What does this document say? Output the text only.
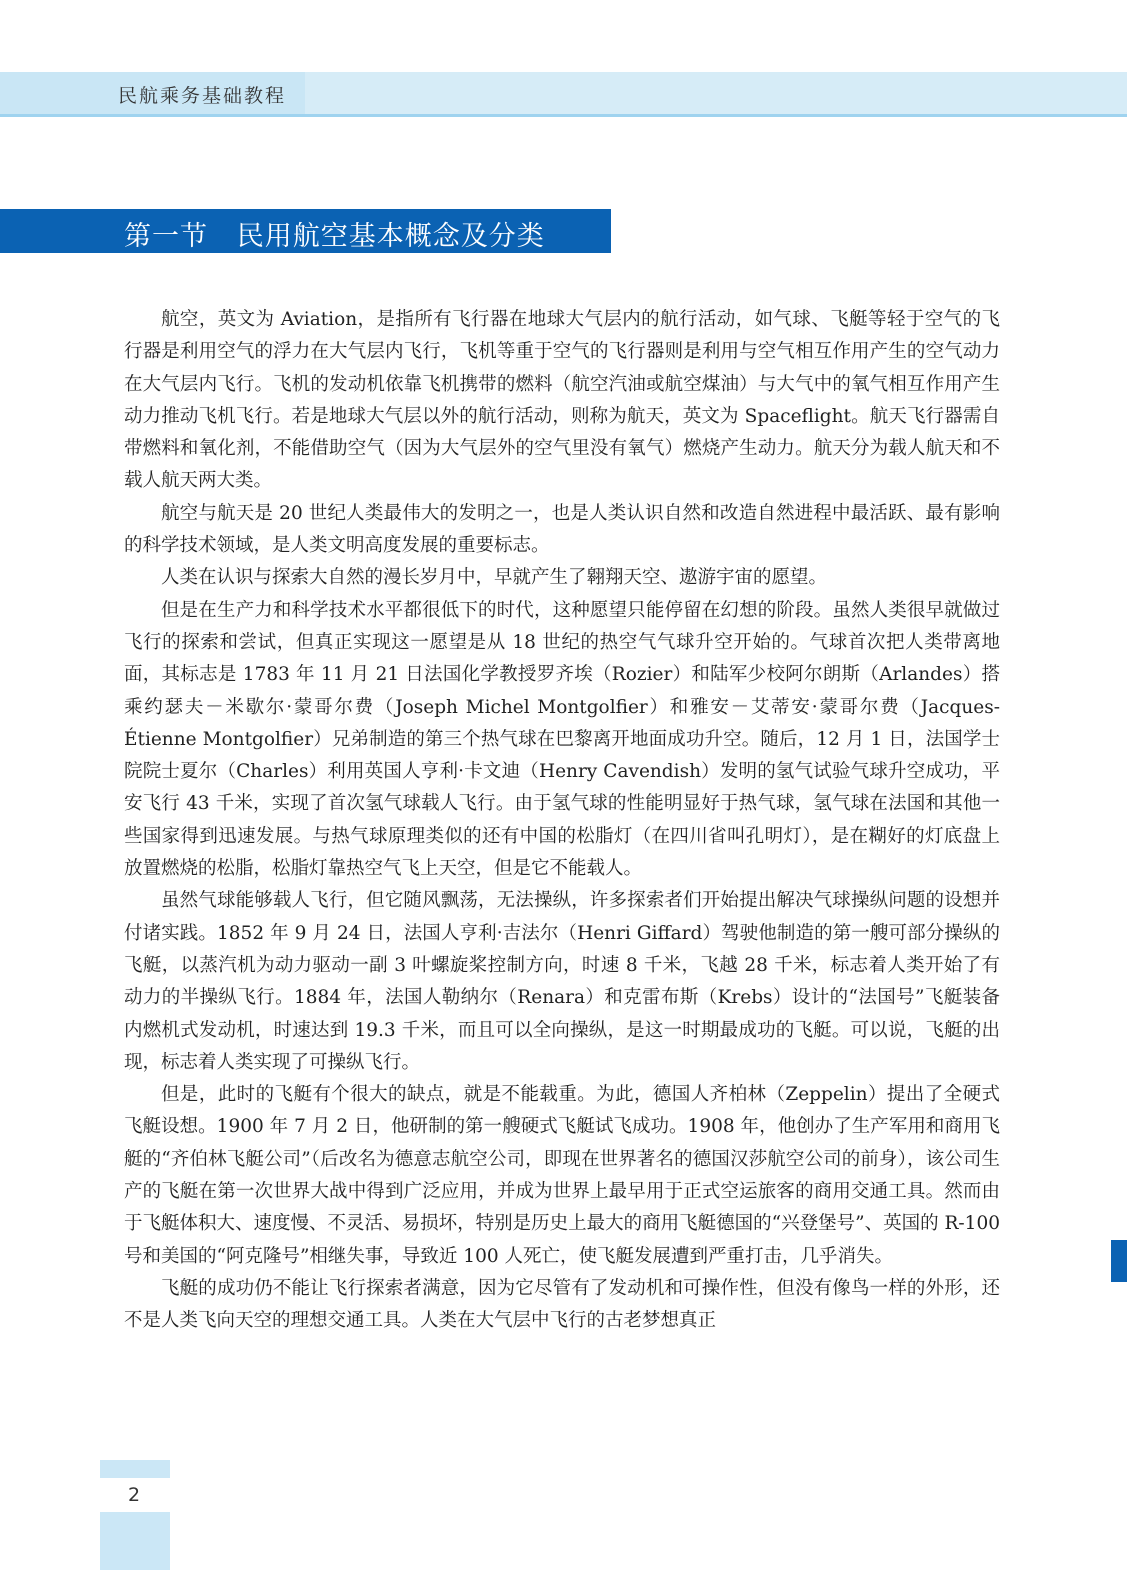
民航乘务基础教程
第一节   民用航空基本概念及分类

航空，英文为 Aviation，是指所有飞行器在地球大气层内的航行活动，如气球、飞艇等轻于空气的飞行器是利用空气的浮力在大气层内飞行，飞机等重于空气的飞行器则是利用与空气相互作用产生的空气动力在大气层内飞行。飞机的发动机依靠飞机携带的燃料（航空汽油或航空煤油）与大气中的氧气相互作用产生动力推动飞机飞行。若是地球大气层以外的航行活动，则称为航天，英文为 Spaceflight。航天飞行器需自带燃料和氧化剂，不能借助空气（因为大气层外的空气里没有氧气）燃烧产生动力。航天分为载人航天和不载人航天两大类。

航空与航天是 20 世纪人类最伟大的发明之一，也是人类认识自然和改造自然进程中最活跃、最有影响的科学技术领域，是人类文明高度发展的重要标志。

人类在认识与探索大自然的漫长岁月中，早就产生了翱翔天空、遨游宇宙的愿望。

但是在生产力和科学技术水平都很低下的时代，这种愿望只能停留在幻想的阶段。虽然人类很早就做过飞行的探索和尝试，但真正实现这一愿望是从 18 世纪的热空气气球升空开始的。气球首次把人类带离地面，其标志是 1783 年 11 月 21 日法国化学教授罗齐埃（Rozier）和陆军少校阿尔朗斯（Arlandes）搭乘约瑟夫－米歇尔·蒙哥尔费（Joseph Michel Montgolfier）和雅安－艾蒂安·蒙哥尔费（Jacques-Étienne Montgolfier）兄弟制造的第三个热气球在巴黎离开地面成功升空。随后，12 月 1 日，法国学士院院士夏尔（Charles）利用英国人亨利·卡文迪（Henry Cavendish）发明的氢气试验气球升空成功，平安飞行 43 千米，实现了首次氢气球载人飞行。由于氢气球的性能明显好于热气球，氢气球在法国和其他一些国家得到迅速发展。与热气球原理类似的还有中国的松脂灯（在四川省叫孔明灯），是在糊好的灯底盘上放置燃烧的松脂，松脂灯靠热空气飞上天空，但是它不能载人。

虽然气球能够载人飞行，但它随风飘荡，无法操纵，许多探索者们开始提出解决气球操纵问题的设想并付诸实践。1852 年 9 月 24 日，法国人亨利·吉法尔（Henri Giffard）驾驶他制造的第一艘可部分操纵的飞艇，以蒸汽机为动力驱动一副 3 叶螺旋桨控制方向，时速 8 千米，飞越 28 千米，标志着人类开始了有动力的半操纵飞行。1884 年，法国人勒纳尔（Renara）和克雷布斯（Krebs）设计的“法国号”飞艇装备内燃机式发动机，时速达到 19.3 千米，而且可以全向操纵，是这一时期最成功的飞艇。可以说，飞艇的出现，标志着人类实现了可操纵飞行。

但是，此时的飞艇有个很大的缺点，就是不能载重。为此，德国人齐柏林（Zeppelin）提出了全硬式飞艇设想。1900 年 7 月 2 日，他研制的第一艘硬式飞艇试飞成功。1908 年，他创办了生产军用和商用飞艇的“齐伯林飞艇公司”（后改名为德意志航空公司，即现在世界著名的德国汉莎航空公司的前身），该公司生产的飞艇在第一次世界大战中得到广泛应用，并成为世界上最早用于正式空运旅客的商用交通工具。然而由于飞艇体积大、速度慢、不灵活、易损坏，特别是历史上最大的商用飞艇德国的“兴登堡号”、英国的 R-100 号和美国的“阿克隆号”相继失事，导致近 100 人死亡，使飞艇发展遭到严重打击，几乎消失。

飞艇的成功仍不能让飞行探索者满意，因为它尽管有了发动机和可操作性，但没有像鸟一样的外形，还不是人类飞向天空的理想交通工具。人类在大气层中飞行的古老梦想真正

2
